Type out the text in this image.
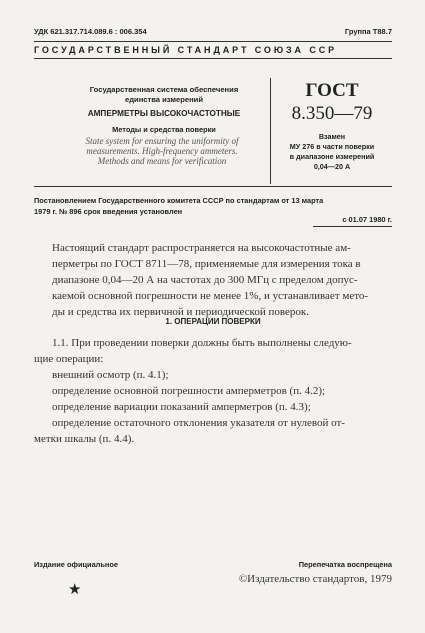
УДК 621.317.714.089.6 : 006.354	Группа Т88.7
ГОСУДАРСТВЕННЫЙ СТАНДАРТ СОЮЗА ССР
Государственная система обеспечения
единства измерений
АМПЕРМЕТРЫ ВЫСОКОЧАСТОТНЫЕ
Методы и средства поверки
State system for ensuring the uniformity of
measurements. High-frequency ammeters.
Methods and means for verification
ГОСТ
8.350—79
Взамен
МУ 276 в части поверки
в диапазоне измерений
0,04—20 А
Постановлением Государственного комитета СССР по стандартам от 13 марта
1979 г. № 896 срок введения установлен
с 01.07 1980 г.
Настоящий стандарт распространяется на высокочастотные ам-
перметры по ГОСТ 8711—78, применяемые для измерения тока в
диапазоне 0,04—20 А на частотах до 300 МГц с пределом допус-
каемой основной погрешности не менее 1%, и устанавливает мето-
ды и средства их первичной и периодической поверок.
1. ОПЕРАЦИИ ПОВЕРКИ
1.1. При проведении поверки должны быть выполнены следую-
щие операции:
внешний осмотр (п. 4.1);
определение основной погрешности амперметров (п. 4.2);
определение вариации показаний амперметров (п. 4.3);
определение остаточного отклонения указателя от нулевой от-
метки шкалы (п. 4.4).
Издание официальное	Перепечатка воспрещена
★
©Издательство стандартов, 1979
